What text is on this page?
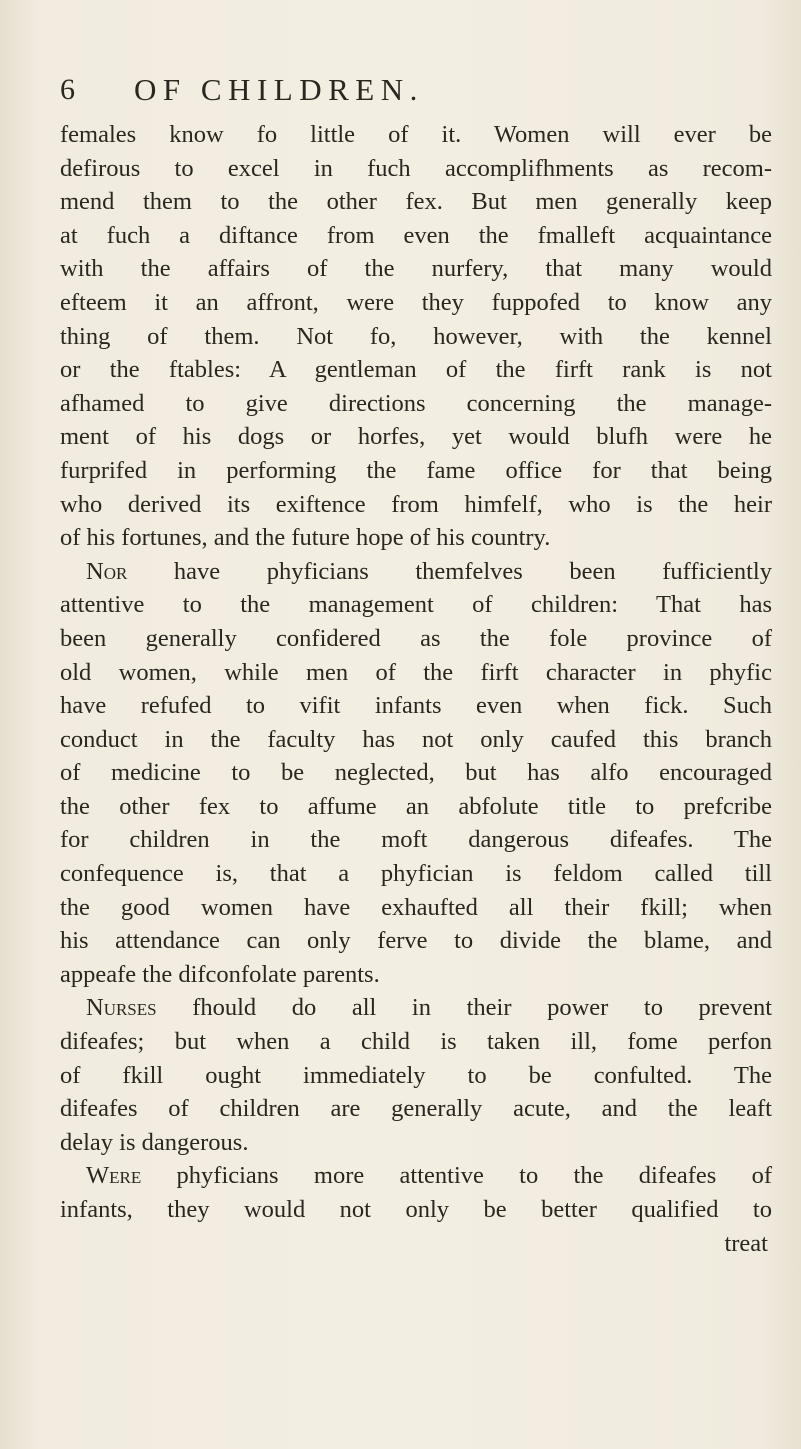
6 OF CHILDREN.
females know fo little of it. Women will ever be
defirous to excel in fuch accomplifhments as recom-
mend them to the other fex. But men generally keep
at fuch a diftance from even the fmalleft acquaintance
with the affairs of the nurfery, that many would
efteem it an affront, were they fuppofed to know any
thing of them. Not fo, however, with the kennel
or the ftables: A gentleman of the firft rank is not
afhamed to give directions concerning the manage-
ment of his dogs or horfes, yet would blufh were he
furprifed in performing the fame office for that being
who derived its exiftence from himfelf, who is the heir
of his fortunes, and the future hope of his country.
Nor have phyficians themfelves been fufficiently
attentive to the management of children: That has
been generally confidered as the fole province of
old women, while men of the firft character in phyfic
have refufed to vifit infants even when fick. Such
conduct in the faculty has not only caufed this branch
of medicine to be neglected, but has alfo encouraged
the other fex to affume an abfolute title to prefcribe
for children in the moft dangerous difeafes. The
confequence is, that a phyfician is feldom called till
the good women have exhaufted all their fkill; when
his attendance can only ferve to divide the blame, and
appeafe the difconfolate parents.
Nurses fhould do all in their power to prevent
difeafes; but when a child is taken ill, fome perfon
of fkill ought immediately to be confulted. The
difeafes of children are generally acute, and the leaft
delay is dangerous.
Were phyficians more attentive to the difeafes of
infants, they would not only be better qualified to
treat
